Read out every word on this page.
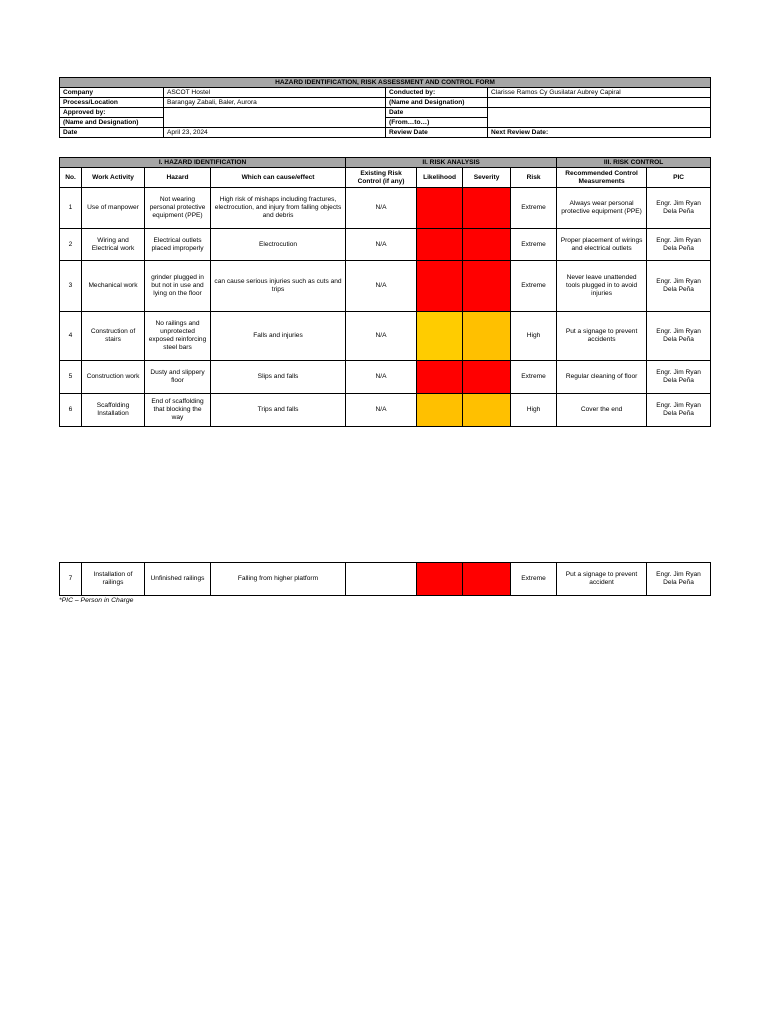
HAZARD IDENTIFICATION, RISK ASSESSMENT AND CONTROL FORM			
Company	ASCOT Hostel	Conducted by:	Clarisse Ramos Cy Gusilatar Aubrey Capiral
Process/Location	Barangay Zabali, Baler, Aurora	(Name and Designation)	
Approved by:		Date	
(Name and Designation)		(From…to…)	
Date	April 23, 2024	Review Date	Next Review Date:
I. HAZARD IDENTIFICATION				II. RISK ANALYSIS				III. RISK CONTROL	
No.	Work Activity	Hazard	Which can cause/effect	Existing Risk Control (if any)	Likelihood	Severity	Risk	Recommended Control Measurements	PIC
1	Use of manpower	Not wearing personal protective equipment (PPE)	High risk of mishaps including fractures, electrocution, and injury from falling objects and debris	N/A			Extreme	Always wear personal protective equipment (PPE)	Engr. Jim Ryan Dela Peña
2	Wiring and Electrical work	Electrical outlets placed improperly	Electrocution	N/A			Extreme	Proper placement of wirings and electrical outlets	Engr. Jim Ryan Dela Peña
3	Mechanical work	grinder plugged in but not in use and lying on the floor	can cause serious injuries such as cuts and trips	N/A			Extreme	Never leave unattended tools plugged in to avoid injuries	Engr. Jim Ryan Dela Peña
4	Construction of stairs	No railings and unprotected exposed reinforcing steel bars	Falls and injuries	N/A			High	Put a signage to prevent accidents	Engr. Jim Ryan Dela Peña
5	Construction work	Dusty and slippery floor	Slips and falls	N/A			Extreme	Regular cleaning of floor	Engr. Jim Ryan Dela Peña
6	Scaffolding Installation	End of scaffolding that blocking the way	Trips and falls	N/A			High	Cover the end	Engr. Jim Ryan Dela Peña
7	Installation of railings	Unfinished railings	Falling from higher platform				Extreme	Put a signage to prevent accident	Engr. Jim Ryan Dela Peña
*PIC – Person in Charge
